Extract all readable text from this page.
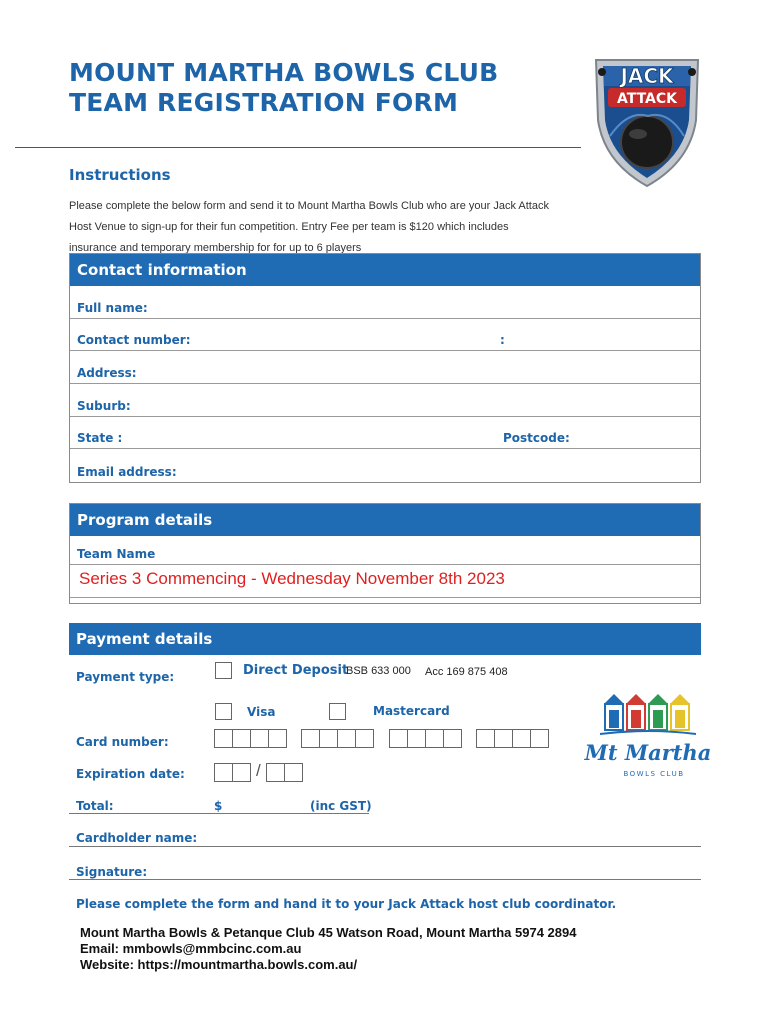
MOUNT MARTHA BOWLS CLUB
TEAM REGISTRATION FORM
JACK
ATTACK
Instructions
Please complete the below form and send it to Mount Martha Bowls Club who are your Jack Attack
Host Venue to sign-up for their fun competition. Entry Fee per team is $120 which includes
insurance and temporary membership for for up to 6 players
Contact information
Full name:
Contact number:	:
Address:
Suburb:
State :	Postcode:
Email address:
Program details
Team Name
Series 3 Commencing - Wednesday November 8th 2023
Payment details
Payment type:	Direct Deposit
BSB 633 000 Acc 169 875 408
Visa	Mastercard
Card number:
Expiration date:	/
Total:	$	(inc GST)
Cardholder name:
Signature:
Please complete the form and hand it to your Jack Attack host club coordinator.
Mt Martha
BOWLS CLUB
Mount Martha Bowls & Petanque Club 45 Watson Road, Mount Martha 5974 2894
Email: mmbowls@mmbcinc.com.au
Website: https://mountmartha.bowls.com.au/
